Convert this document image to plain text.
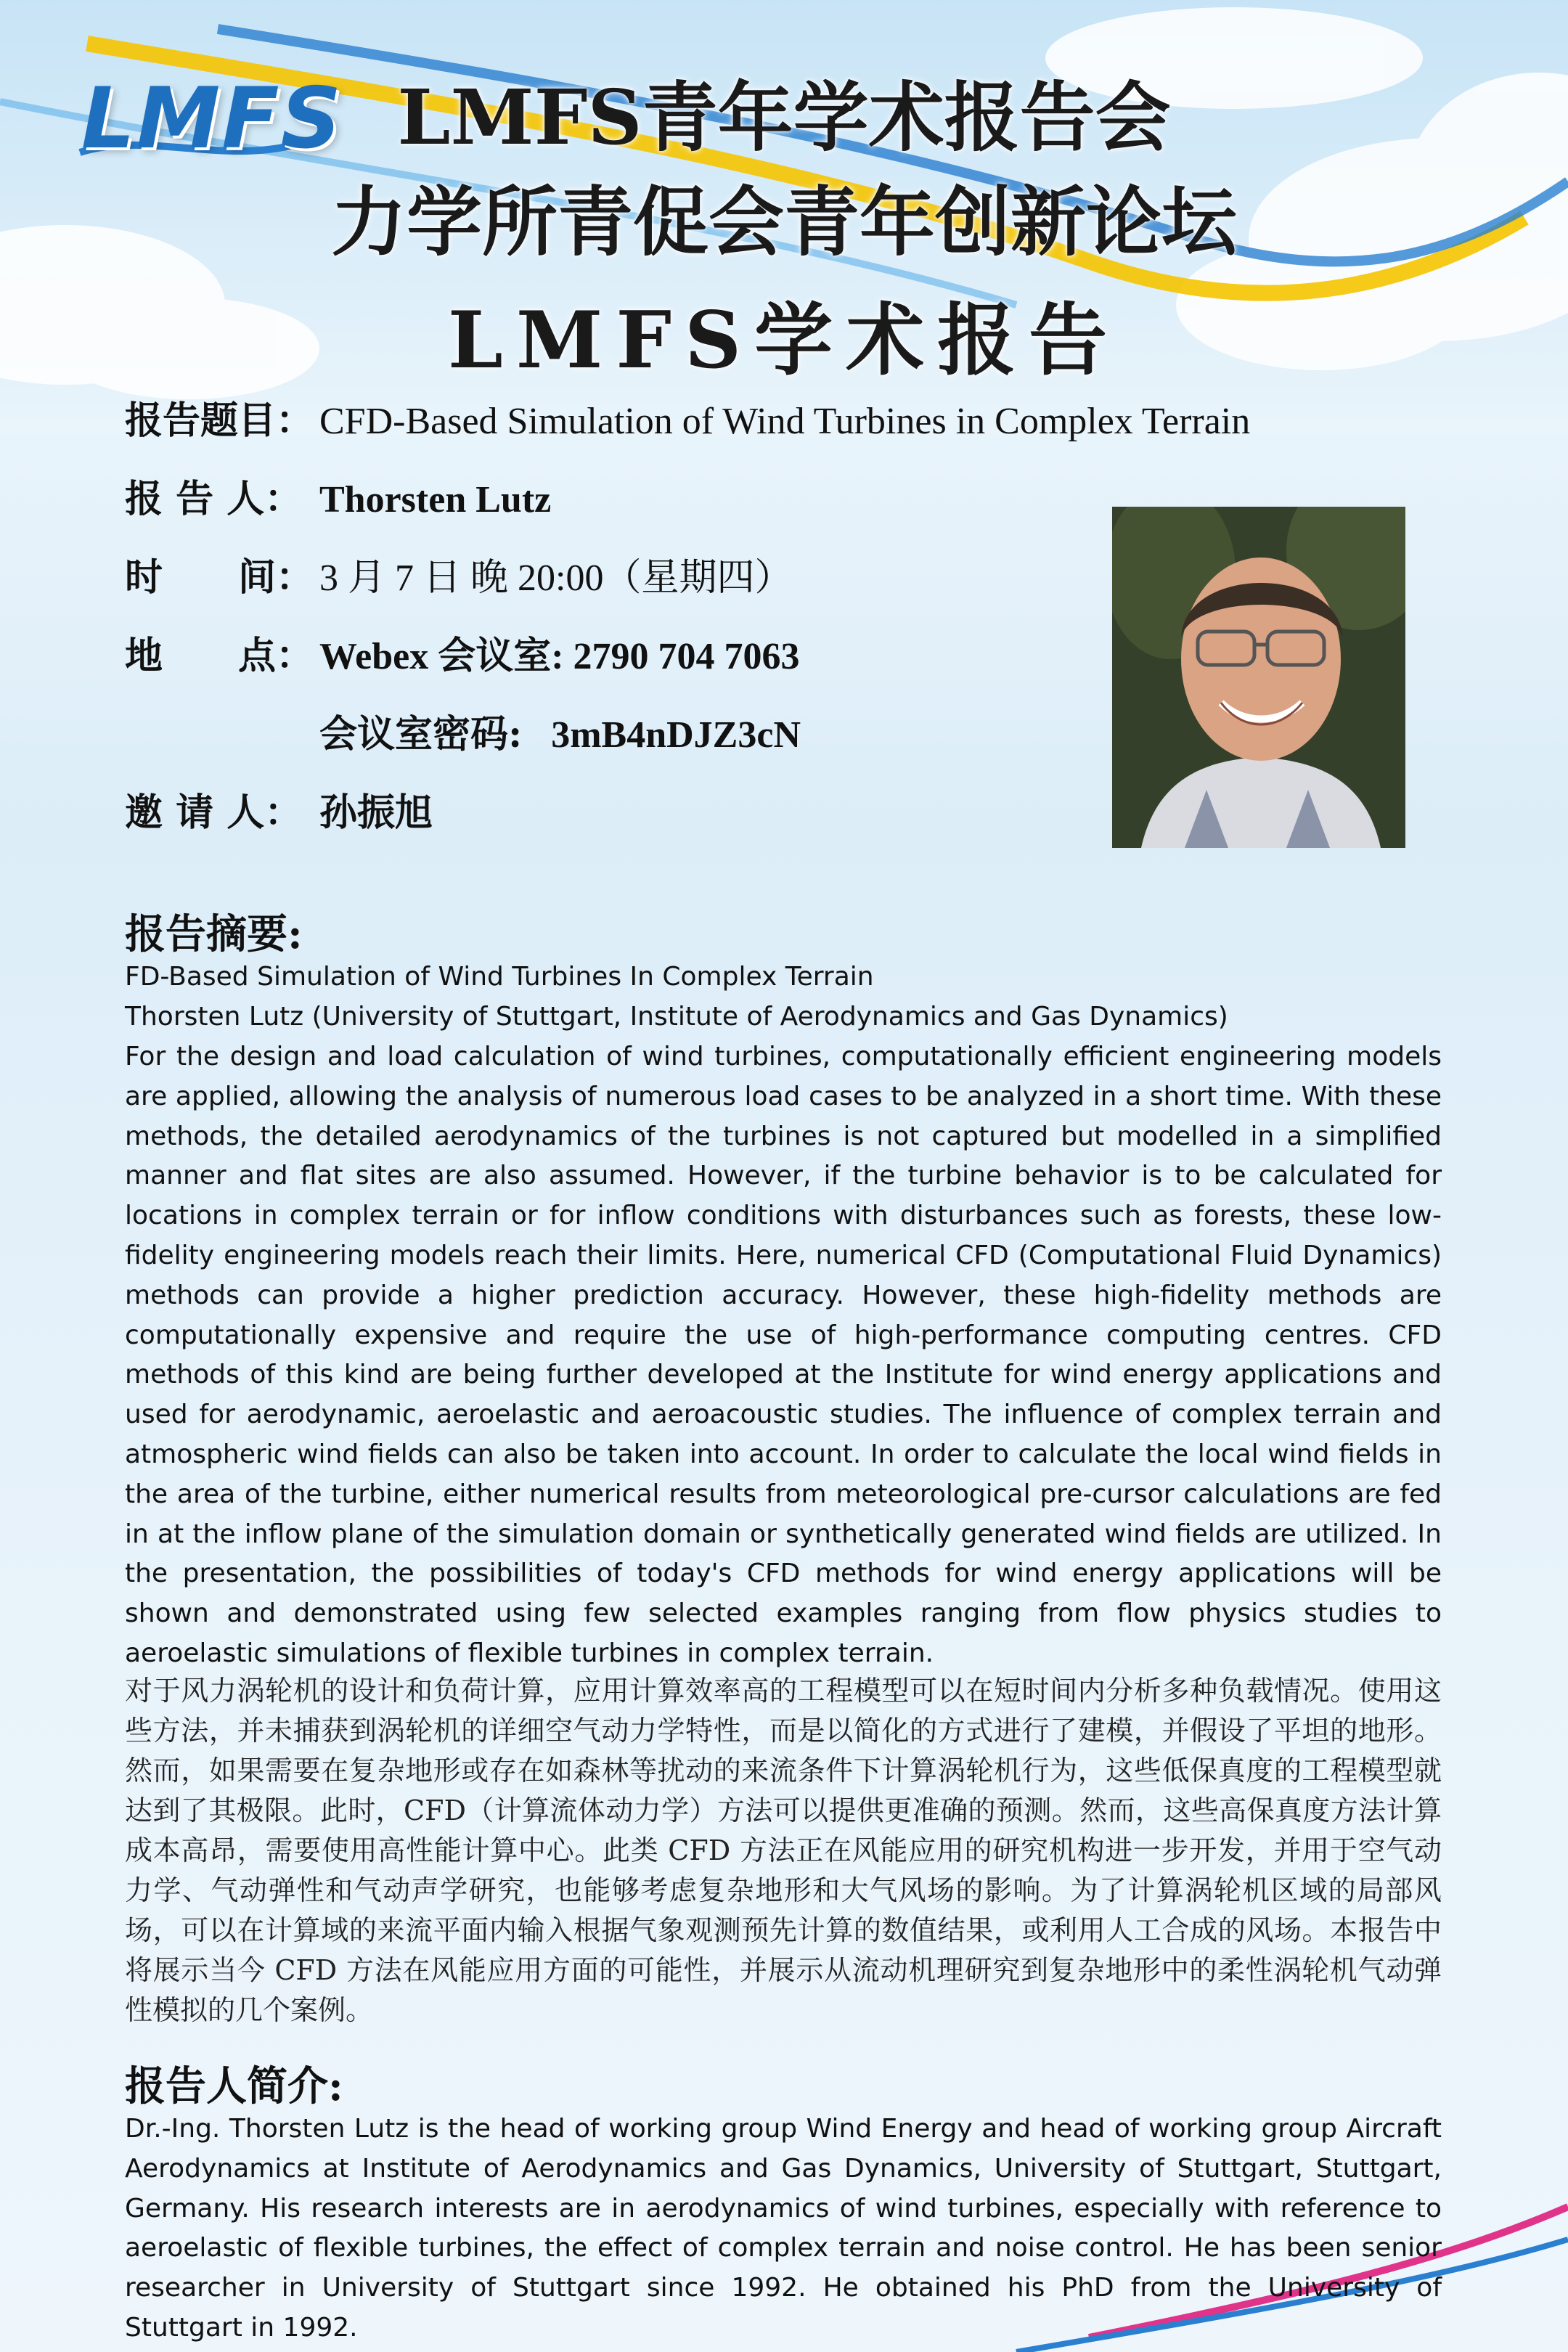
LMFS LMFS青年学术报告会
力学所青促会青年创新论坛
LMFS学术报告
报告题目： CFD-Based Simulation of Wind Turbines in Complex Terrain
报 告 人： Thorsten Lutz
时　　间： 3 月 7 日 晚 20:00（星期四）
地　　点： Webex 会议室: 2790 704 7063
会议室密码: 3mB4nDJZ3cN
邀 请 人： 孙振旭
报告摘要:
FD-Based Simulation of Wind Turbines In Complex Terrain
Thorsten Lutz (University of Stuttgart, Institute of Aerodynamics and Gas Dynamics)
For the design and load calculation of wind turbines, computationally efficient engineering models are applied, allowing the analysis of numerous load cases to be analyzed in a short time. With these methods, the detailed aerodynamics of the turbines is not captured but modelled in a simplified manner and flat sites are also assumed. However, if the turbine behavior is to be calculated for locations in complex terrain or for inflow conditions with disturbances such as forests, these low-fidelity engineering models reach their limits. Here, numerical CFD (Computational Fluid Dynamics) methods can provide a higher prediction accuracy. However, these high-fidelity methods are computationally expensive and require the use of high-performance computing centres. CFD methods of this kind are being further developed at the Institute for wind energy applications and used for aerodynamic, aeroelastic and aeroacoustic studies. The influence of complex terrain and atmospheric wind fields can also be taken into account. In order to calculate the local wind fields in the area of the turbine, either numerical results from meteorological pre-cursor calculations are fed in at the inflow plane of the simulation domain or synthetically generated wind fields are utilized. In the presentation, the possibilities of today's CFD methods for wind energy applications will be shown and demonstrated using few selected examples ranging from flow physics studies to aeroelastic simulations of flexible turbines in complex terrain.
对于风力涡轮机的设计和负荷计算，应用计算效率高的工程模型可以在短时间内分析多种负载情况。使用这些方法，并未捕获到涡轮机的详细空气动力学特性，而是以简化的方式进行了建模，并假设了平坦的地形。然而，如果需要在复杂地形或存在如森林等扰动的来流条件下计算涡轮机行为，这些低保真度的工程模型就达到了其极限。此时，CFD（计算流体动力学）方法可以提供更准确的预测。然而，这些高保真度方法计算成本高昂，需要使用高性能计算中心。此类 CFD 方法正在风能应用的研究机构进一步开发，并用于空气动力学、气动弹性和气动声学研究，也能够考虑复杂地形和大气风场的影响。为了计算涡轮机区域的局部风场，可以在计算域的来流平面内输入根据气象观测预先计算的数值结果，或利用人工合成的风场。本报告中将展示当今 CFD 方法在风能应用方面的可能性，并展示从流动机理研究到复杂地形中的柔性涡轮机气动弹性模拟的几个案例。
报告人简介:
Dr.-Ing. Thorsten Lutz is the head of working group Wind Energy and head of working group Aircraft Aerodynamics at Institute of Aerodynamics and Gas Dynamics, University of Stuttgart, Stuttgart, Germany. His research interests are in aerodynamics of wind turbines, especially with reference to aeroelastic of flexible turbines, the effect of complex terrain and noise control. He has been senior researcher in University of Stuttgart since 1992. He obtained his PhD from the University of Stuttgart in 1992.
